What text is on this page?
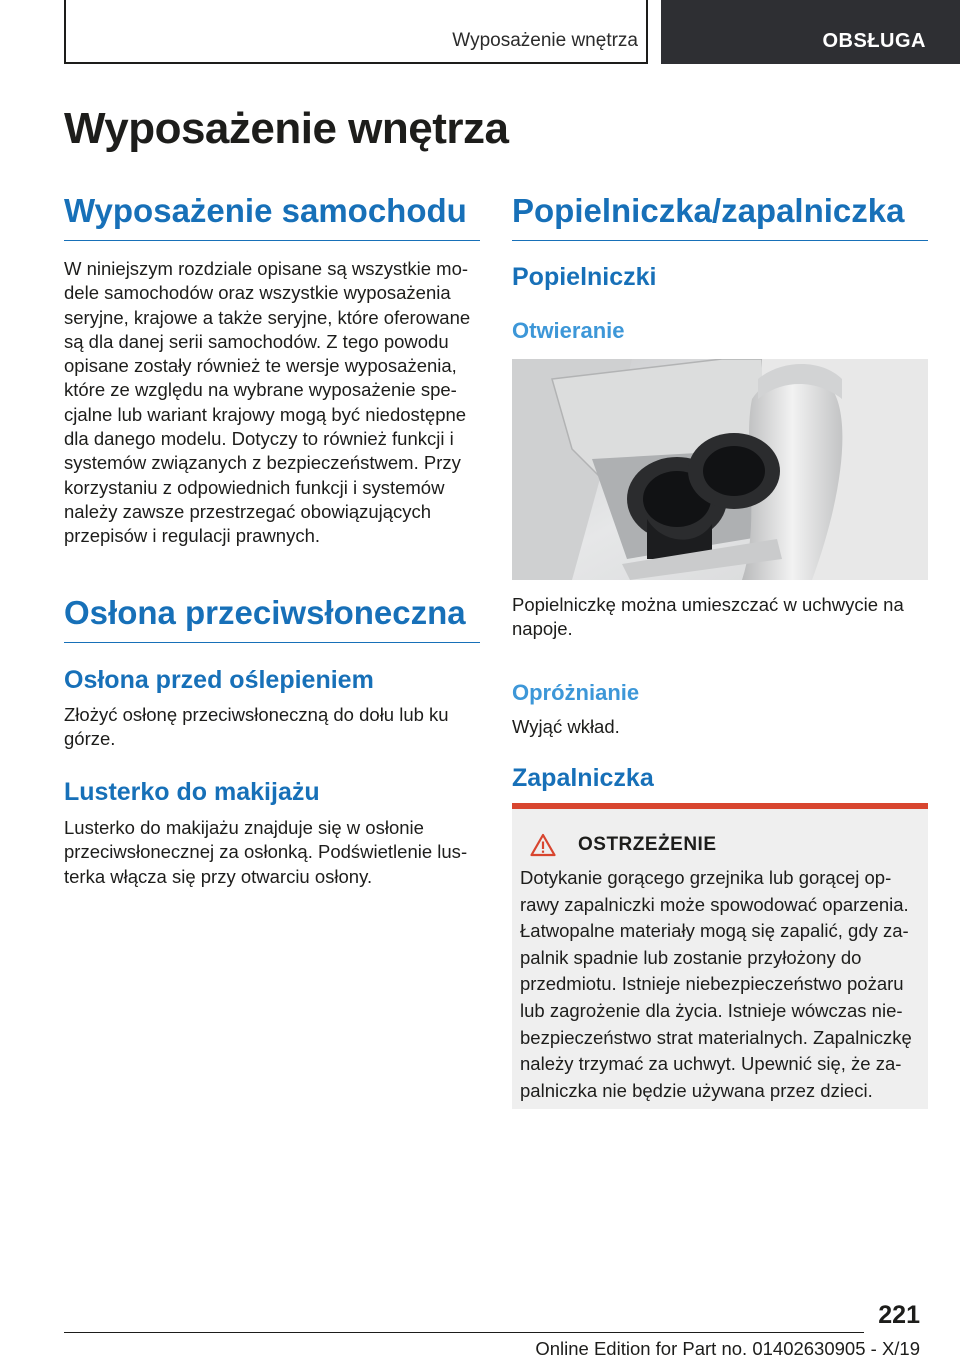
Wyposażenie wnętrza	OBSŁUGA
Wyposażenie wnętrza
Wyposażenie samochodu

W niniejszym rozdziale opisane są wszystkie modele samochodów oraz wszystkie wyposażenia seryjne, krajowe a także seryjne, które oferowane są dla danej serii samochodów. Z tego powodu opisane zostały również te wersje wyposażenia, które ze względu na wybrane wyposażenie specjalne lub wariant krajowy mogą być niedostępne dla danego modelu. Dotyczy to również funkcji i systemów związanych z bezpieczeństwem. Przy korzystaniu z odpowiednich funkcji i systemów należy zawsze przestrzegać obowiązujących przepisów i regulacji prawnych.

Osłona przeciwsłoneczna
Osłona przed oślepieniem

Złożyć osłonę przeciwsłoneczną do dołu lub ku górze.

Lusterko do makijażu

Lusterko do makijażu znajduje się w osłonie przeciwsłonecznej za osłonką. Podświetlenie lusterka włącza się przy otwarciu osłony.

Popielniczka/zapalniczka
Popielniczki
Otwieranie

Popielniczkę można umieszczać w uchwycie na napoje.

Opróżnianie

Wyjąć wkład.

Zapalniczka
OSTRZEŻENIE

Dotykanie gorącego grzejnika lub gorącej oprawy zapalniczki może spowodować oparzenia. Łatwopalne materiały mogą się zapalić, gdy zapalnik spadnie lub zostanie przyłożony do przedmiotu. Istnieje niebezpieczeństwo pożaru lub zagrożenie dla życia. Istnieje wówczas niebezpieczeństwo strat materialnych. Zapalniczkę należy trzymać za uchwyt. Upewnić się, że zapalniczka nie będzie używana przez dzieci.

221
Online Edition for Part no. 01402630905 - X/19
